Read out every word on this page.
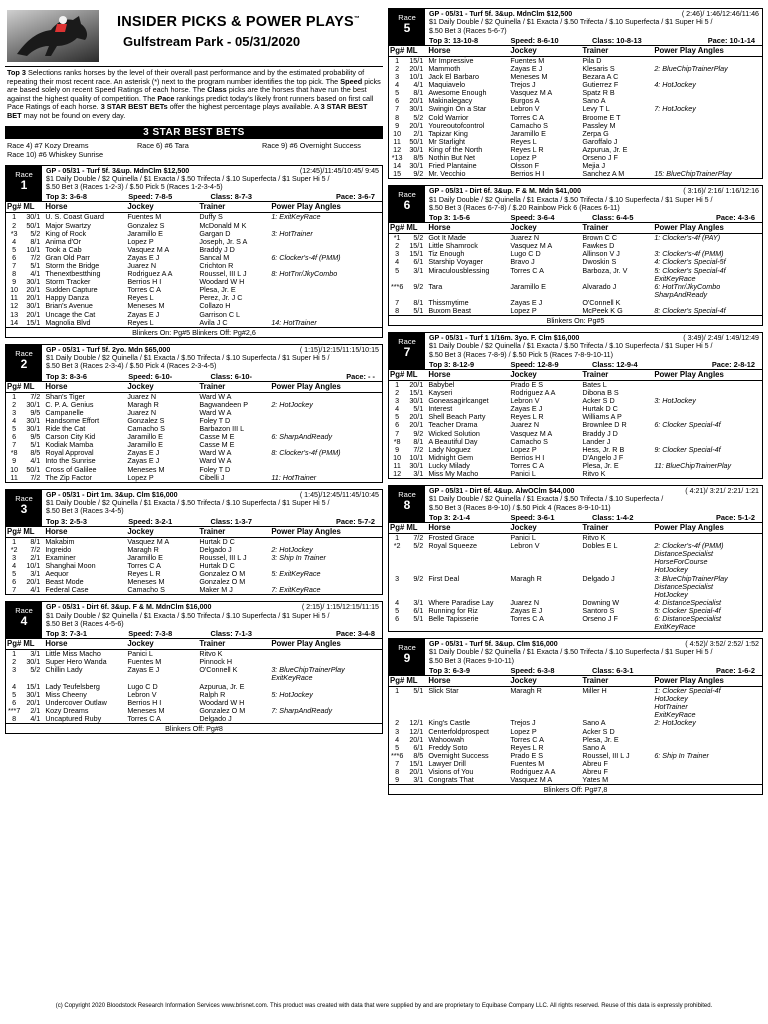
INSIDER PICKS & POWER PLAYS™
Gulfstream Park - 05/31/2020
Top 3 Selections ranks horses by the level of their overall past performance and by the estimated probability of repeating their most recent race. An asterisk (*) next to the program number identifies the top pick. The Speed picks are based solely on recent Speed Ratings of each horse. The Class picks are the horses that have run the best against the highest quality of competition. The Pace rankings predict today's likely front runners based on first call Pace Ratings of each horse. 3 STAR BEST BETs offer the highest percentage plays available. A 3 STAR BEST BET may not be found on every day.
3 STAR BEST BETS
Race 4) #7 Kozy Dreams	Race 6) #6 Tara	Race 9) #6 Overnight Success
Race 10) #6 Whiskey Sunrise
Race
1
GP - 05/31 - Turf 5f. 3&up. MdnClm $12,500	(12:45)/11:45/10:45/ 9:45
$1 Daily Double / $2 Quinella / $1 Exacta / $.50 Trifecta / $.10 Superfecta / $1 Super Hi 5 /
$.50 Bet 3 (Races 1-2-3) / $.50 Pick 5 (Races 1-2-3-4-5)
Top 3: 3-6-8	Speed: 7-8-5	Class: 8-7-3	Pace: 3-6-7
Pg#	ML	Horse	Jockey	Trainer	Power Play Angles
1	30/1	U. S. Coast Guard	Fuentes M	Duffy S	1: ExitKeyRace
2	50/1	Major Swartzy	Gonzalez S	McDonald M K	
*3	5/2	King of Rock	Jaramillo E	Gargan D	3: HotTrainer
4	8/1	Anima d'Or	Lopez P	Joseph, Jr. S A	
5	10/1	Took a Cab	Vasquez M A	Braddy J D	
6	7/2	Gran Old Parr	Zayas E J	Sancal M	6: Clocker's-4f (PMM)
7	5/1	Storm the Bridge	Juarez N	Crichton R	
8	4/1	Thenextbestthing	Rodriguez A A	Roussel, III L J	8: HotTnr/JkyCombo
9	30/1	Storm Tracker	Berrios H I	Woodard W H	
10	20/1	Sudden Capture	Torres C A	Plesa, Jr. E	
11	20/1	Happy Danza	Reyes L	Perez, Jr. J C	
12	30/1	Brian's Avenue	Meneses M	Collazo H	
13	20/1	Uncage the Cat	Zayas E J	Garrison C L	
14	15/1	Magnolia Blvd	Reyes L	Avila J C	14: HotTrainer
Blinkers On: Pg#5 Blinkers Off: Pg#2,6
Race
2
GP - 05/31 - Turf 5f. 2yo. Mdn $65,000	( 1:15)/12:15/11:15/10:15
$1 Daily Double / $2 Quinella / $1 Exacta / $.50 Trifecta / $.10 Superfecta / $1 Super Hi 5 /
$.50 Bet 3 (Races 2-3-4) / $.50 Pick 4 (Races 2-3-4-5)
Top 3: 8-3-6	Speed: 6-10-	Class: 6-10-	Pace: - -
Pg#	ML	Horse	Jockey	Trainer	Power Play Angles
1	7/2	Shan's Tiger	Juarez N	Ward W A	
2	30/1	C. P. A. Genius	Maragh R	Bagwandeen P	2: HotJockey
3	9/5	Campanelle	Juarez N	Ward W A	
4	30/1	Handsome Effort	Gonzalez S	Foley T D	
5	30/1	Ride the Cat	Camacho S	Barbazon III L	
6	9/5	Carson City Kid	Jaramillo E	Casse M E	6: SharpAndReady
7	5/1	Kodiak Mamba	Jaramillo E	Casse M E	
*8	8/5	Royal Approval	Zayas E J	Ward W A	8: Clocker's-4f (PMM)
9	4/1	Into the Sunrise	Zayas E J	Ward W A	
10	50/1	Cross of Galilee	Meneses M	Foley T D	
11	7/2	The Zip Factor	Lopez P	Cibelli J	11: HotTrainer
Race
3
GP - 05/31 - Dirt 1m. 3&up. Clm $16,000	( 1:45)/12:45/11:45/10:45
$1 Daily Double / $2 Quinella / $1 Exacta / $.50 Trifecta / $.10 Superfecta / $1 Super Hi 5 /
$.50 Bet 3 (Races 3-4-5)
Top 3: 2-5-3	Speed: 3-2-1	Class: 1-3-7	Pace: 5-7-2
Pg#	ML	Horse	Jockey	Trainer	Power Play Angles
1	8/1	Makabim	Vasquez M A	Hurtak D C	
*2	7/2	Ingreido	Maragh R	Delgado J	2: HotJockey
3	2/1	Examiner	Jaramillo E	Roussel, III L J	3: Ship In Trainer
4	10/1	Shanghai Moon	Torres C A	Hurtak D C	
5	3/1	Aequor	Reyes L R	Gonzalez O M	5: ExitKeyRace
6	20/1	Beast Mode	Meneses M	Gonzalez O M	
7	4/1	Federal Case	Camacho S	Maker M J	7: ExitKeyRace
Race
4
GP - 05/31 - Dirt 6f. 3&up. F & M. MdnClm $16,000	( 2:15)/ 1:15/12:15/11:15
$1 Daily Double / $2 Quinella / $1 Exacta / $.50 Trifecta / $.10 Superfecta / $1 Super Hi 5 /
$.50 Bet 3 (Races 4-5-6)
Top 3: 7-3-1	Speed: 7-3-8	Class: 7-1-3	Pace: 3-4-8
Pg#	ML	Horse	Jockey	Trainer	Power Play Angles
1	3/1	Little Miss Macho	Panici L	Ritvo K	
2	30/1	Super Hero Wanda	Fuentes M	Pinnock H	
3	5/2	Chillin Lady	Zayas E J	O'Connell K	3: BlueChipTrainerPlay
					ExitKeyRace
4	15/1	Lady Teufelsberg	Lugo C D	Azpurua, Jr. E	
5	30/1	Miss Cheeny	Lebron V	Ralph R	5: HotJockey
6	20/1	Undercover Outlaw	Berrios H I	Woodard W H	
***7	2/1	Kozy Dreams	Meneses M	Gonzalez O M	7: SharpAndReady
8	4/1	Uncaptured Ruby	Torres C A	Delgado J	
Blinkers Off: Pg#8
Race
5
GP - 05/31 - Turf 5f. 3&up. MdnClm $12,500	( 2:46)/ 1:46/12:46/11:46
$1 Daily Double / $2 Quinella / $1 Exacta / $.50 Trifecta / $.10 Superfecta / $1 Super Hi 5 /
$.50 Bet 3 (Races 5-6-7)
Top 3: 13-10-8	Speed: 8-6-10	Class: 10-8-13	Pace: 10-1-14
Pg#	ML	Horse	Jockey	Trainer	Power Play Angles
1	15/1	Mr Impressive	Fuentes M	Pila D	
2	20/1	Mammoth	Zayas E J	Klesaris S	2: BlueChipTrainerPlay
3	10/1	Jack El Barbaro	Meneses M	Bezara A C	
4	4/1	Maquiavelo	Trejos J	Gutierrez F	4: HotJockey
5	8/1	Awesome Enough	Vasquez M A	Spatz R B	
6	20/1	Makinalegacy	Burgos A	Sano A	
7	30/1	Swingin On a Star	Lebron V	Levy T L	7: HotJockey
8	5/2	Cold Warrior	Torres C A	Broome E T	
9	20/1	Youreoutofcontrol	Camacho S	Passley M	
10	2/1	Tapizar King	Jaramillo E	Zerpa G	
11	50/1	Mr Starlight	Reyes L	Garoffalo J	
12	30/1	King of the North	Reyes L R	Azpurua, Jr. E	
*13	8/5	Nothin But Net	Lopez P	Orseno J F	
14	30/1	Fried Plantaine	Olsson F	Mejia J	
15	9/2	Mr. Vecchio	Berrios H I	Sanchez A M	15: BlueChipTrainerPlay
Race
6
GP - 05/31 - Dirt 6f. 3&up. F & M. Mdn $41,000	( 3:16)/ 2:16/ 1:16/12:16
$1 Daily Double / $2 Quinella / $1 Exacta / $.50 Trifecta / $.10 Superfecta / $1 Super Hi 5 /
$.50 Bet 3 (Races 6-7-8) / $.20 Rainbow Pick 6 (Races 6-11)
Top 3: 1-5-6	Speed: 3-6-4	Class: 6-4-5	Pace: 4-3-6
Pg#	ML	Horse	Jockey	Trainer	Power Play Angles
*1	5/2	Got It Made	Juarez N	Brown C C	1: Clocker's-4f (PAY)
2	15/1	Little Shamrock	Vasquez M A	Fawkes D	
3	15/1	Tiz Enough	Lugo C D	Allinson V J	3: Clocker's-4f (PMM)
4	6/1	Starship Voyager	Bravo J	Dwoskin S	4: Clocker's Special-5f
5	3/1	Miraculousblessing	Torres C A	Barboza, Jr. V	5: Clocker's Special-4f
					ExitKeyRace
***6	9/2	Tara	Jaramillo E	Alvarado J	6: HotTnr/JkyCombo
					SharpAndReady
7	8/1	Thissmytime	Zayas E J	O'Connell K	
8	5/1	Buxom Beast	Lopez P	McPeek K G	8: Clocker's Special-4f
Blinkers On: Pg#5
Race
7
GP - 05/31 - Turf 1 1/16m. 3yo. F. Clm $16,000	( 3:49)/ 2:49/ 1:49/12:49
$1 Daily Double / $2 Quinella / $1 Exacta / $.50 Trifecta / $.10 Superfecta / $1 Super Hi 5 /
$.50 Bet 3 (Races 7-8-9) / $.50 Pick 5 (Races 7-8-9-10-11)
Top 3: 8-12-9	Speed: 12-8-9	Class: 12-9-4	Pace: 2-8-12
Pg#	ML	Horse	Jockey	Trainer	Power Play Angles
1	20/1	Babybel	Prado E S	Bates L	
2	15/1	Kayseri	Rodriguez A A	Dibona B S	
3	30/1	Goneasagirlcanget	Lebron V	Acker S D	3: HotJockey
4	5/1	Interest	Zayas E J	Hurtak D C	
5	20/1	Shell Beach Party	Reyes L R	Williams A P	
6	20/1	Teacher Drama	Juarez N	Brownlee D R	6: Clocker Special-4f
7	9/2	Wicked Solution	Vasquez M A	Braddy J D	
*8	8/1	A Beautiful Day	Camacho S	Lander J	
9	7/2	Lady Noguez	Lopez P	Hess, Jr. R B	9: Clocker Special-4f
10	10/1	Midnight Gem	Berrios H I	D'Angelo J F	
11	30/1	Lucky Milady	Torres C A	Plesa, Jr. E	11: BlueChipTrainerPlay
12	3/1	Miss My Macho	Panici L	Ritvo K	
Race
8
GP - 05/31 - Dirt 6f. 4&up. AlwOClm $44,000	( 4:21)/ 3:21/ 2:21/ 1:21
$1 Daily Double / $2 Quinella / $1 Exacta / $.50 Trifecta / $.10 Superfecta /
$.50 Bet 3 (Races 8-9-10) / $.50 Pick 4 (Races 8-9-10-11)
Top 3: 2-1-4	Speed: 3-6-1	Class: 1-4-2	Pace: 5-1-2
Pg#	ML	Horse	Jockey	Trainer	Power Play Angles
1	7/2	Frosted Grace	Panici L	Ritvo K	
*2	5/2	Royal Squeeze	Lebron V	Dobles E L	2: Clocker's-4f (PMM)
					DistanceSpecialist
					HorseForCourse
					HotJockey
3	9/2	First Deal	Maragh R	Delgado J	3: BlueChipTrainerPlay
					DistanceSpecialist
					HotJockey
4	3/1	Where Paradise Lay	Juarez N	Downing W	4: DistanceSpecialist
5	6/1	Running for Riz	Zayas E J	Santoro S	5: Clocker Special-4f
6	5/1	Belle Tapisserie	Torres C A	Orseno J F	6: DistanceSpecialist
					ExitKeyRace
Race
9
GP - 05/31 - Turf 5f. 3&up. Clm $16,000	( 4:52)/ 3:52/ 2:52/ 1:52
$1 Daily Double / $2 Quinella / $1 Exacta / $.50 Trifecta / $.10 Superfecta / $1 Super Hi 5 /
$.50 Bet 3 (Races 9-10-11)
Top 3: 6-3-9	Speed: 6-3-8	Class: 6-3-1	Pace: 1-6-2
Pg#	ML	Horse	Jockey	Trainer	Power Play Angles
1	5/1	Slick Star	Maragh R	Miller H	1: Clocker Special-4f
					HotJockey
					HotTrainer
					ExitKeyRace
2	12/1	King's Castle	Trejos J	Sano A	2: HotJockey
3	12/1	Centerfoldprospect	Lopez P	Acker S D	
4	20/1	Wahoowah	Torres C A	Plesa, Jr. E	
5	6/1	Freddy Soto	Reyes L R	Sano A	
***6	8/5	Overnight Success	Prado E S	Roussel, III L J	6: Ship In Trainer
7	15/1	Lawyer Drill	Fuentes M	Abreu F	
8	20/1	Visions of You	Rodriguez A A	Abreu F	
9	3/1	Congrats That	Vasquez M A	Yates M	
Blinkers Off: Pg#7,8
(c) Copyright 2020 Bloodstock Research Information Services www.brisnet.com. This product was created with data that were supplied by and are proprietary to Equibase Company LLC. All rights reserved. Reuse of this data is expressly prohibited.
